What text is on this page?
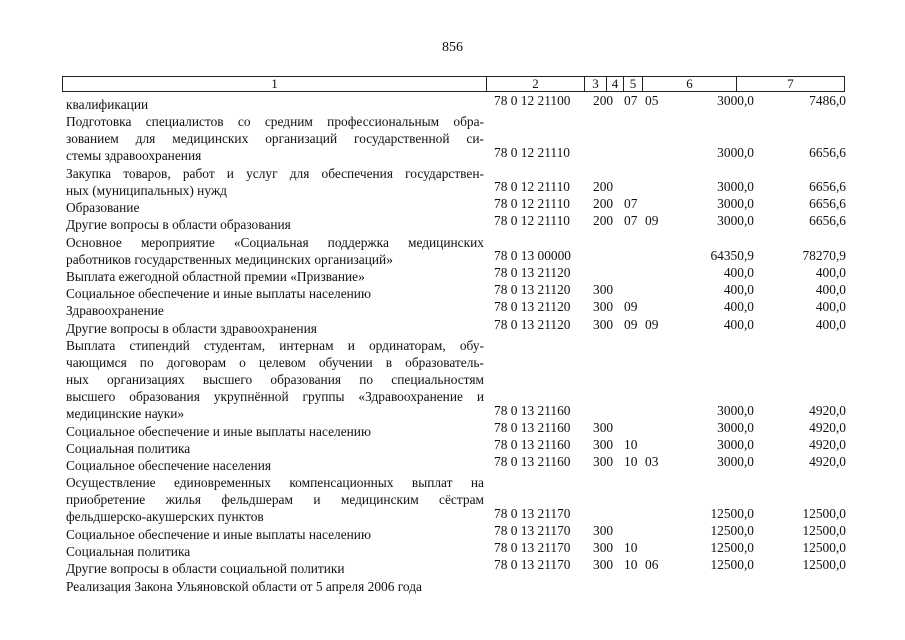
856
1	2	3	4	5	6	7
квалификации	78 0 12 21100 200 07 05	3000,0	7486,0
Подготовка специалистов со средним профессиональным обра-
зованием для медицинских организаций государственной си-
стемы здравоохранения	78 0 12 21110	3000,0	6656,6
Закупка товаров, работ и услуг для обеспечения государствен-
ных (муниципальных) нужд	78 0 12 21110 200	3000,0	6656,6
Образование	78 0 12 21110 200 07	3000,0	6656,6
Другие вопросы в области образования	78 0 12 21110 200 07 09	3000,0	6656,6
Основное мероприятие «Социальная поддержка медицинских
работников государственных медицинских организаций»	78 0 13 00000	64350,9	78270,9
Выплата ежегодной областной премии «Призвание»	78 0 13 21120	400,0	400,0
Социальное обеспечение и иные выплаты населению	78 0 13 21120 300	400,0	400,0
Здравоохранение	78 0 13 21120 300 09	400,0	400,0
Другие вопросы в области здравоохранения	78 0 13 21120 300 09 09	400,0	400,0
Выплата стипендий студентам, интернам и ординаторам, обу-
чающимся по договорам о целевом обучении в образователь-
ных организациях высшего образования по специальностям
высшего образования укрупнённой группы «Здравоохранение и
медицинские науки»	78 0 13 21160	3000,0	4920,0
Социальное обеспечение и иные выплаты населению	78 0 13 21160 300	3000,0	4920,0
Социальная политика	78 0 13 21160 300 10	3000,0	4920,0
Социальное обеспечение населения	78 0 13 21160 300 10 03	3000,0	4920,0
Осуществление единовременных компенсационных выплат на
приобретение жилья фельдшерам и медицинским сёстрам
фельдшерско-акушерских пунктов	78 0 13 21170	12500,0	12500,0
Социальное обеспечение и иные выплаты населению	78 0 13 21170 300	12500,0	12500,0
Социальная политика	78 0 13 21170 300 10	12500,0	12500,0
Другие вопросы в области социальной политики	78 0 13 21170 300 10 06	12500,0	12500,0
Реализация Закона Ульяновской области от 5 апреля 2006 года
